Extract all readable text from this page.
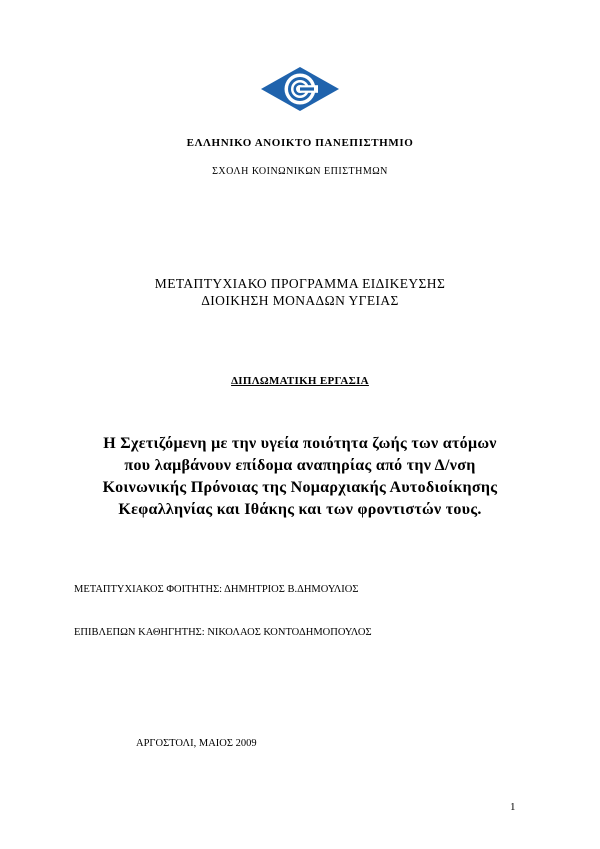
ΕΛΛΗΝΙΚΟ ΑΝΟΙΚΤΟ ΠΑΝΕΠΙΣΤΗΜΙΟ
ΣΧΟΛΗ ΚΟΙΝΩΝΙΚΩΝ ΕΠΙΣΤΗΜΩΝ
ΜΕΤΑΠΤΥΧΙΑΚΟ ΠΡΟΓΡΑΜΜΑ ΕΙΔΙΚΕΥΣΗΣ
ΔΙΟΙΚΗΣΗ ΜΟΝΑΔΩΝ ΥΓΕΙΑΣ
ΔΙΠΛΩΜΑΤΙΚΗ ΕΡΓΑΣΙΑ
Η Σχετιζόμενη με την υγεία ποιότητα ζωής των ατόμων
που λαμβάνουν επίδομα αναπηρίας από την Δ/νση
Κοινωνικής Πρόνοιας της Νομαρχιακής Αυτοδιοίκησης
Κεφαλληνίας και Ιθάκης και των φροντιστών τους.
ΜΕΤΑΠΤΥΧΙΑΚΟΣ ΦΟΙΤΗΤΗΣ: ΔΗΜΗΤΡΙΟΣ Β.ΔΗΜΟΥΛΙΟΣ
ΕΠΙΒΛΕΠΩΝ ΚΑΘΗΓΗΤΗΣ: ΝΙΚΟΛΑΟΣ ΚΟΝΤΟΔΗΜΟΠΟΥΛΟΣ
ΑΡΓΟΣΤΟΛΙ, ΜΑΙΟΣ 2009
1
